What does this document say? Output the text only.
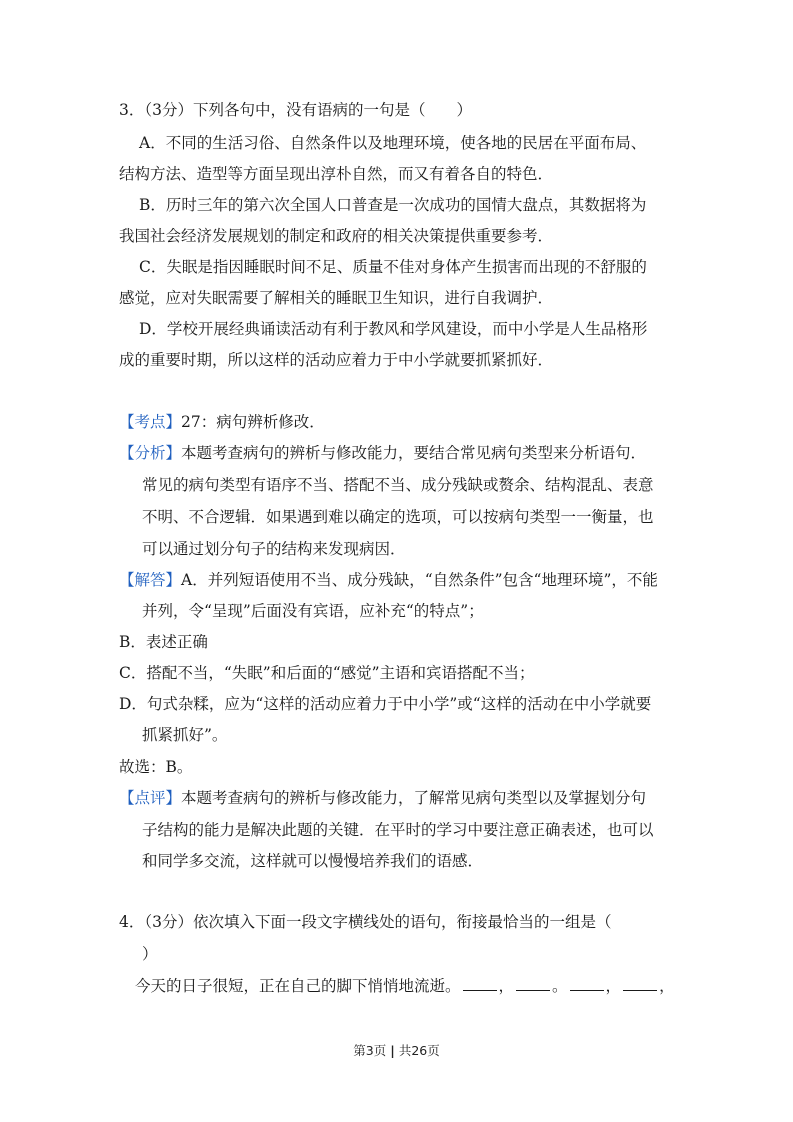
3．（3分）下列各句中，没有语病的一句是（　　）
A．不同的生活习俗、自然条件以及地理环境，使各地的民居在平面布局、
结构方法、造型等方面呈现出淳朴自然，而又有着各自的特色．
B．历时三年的第六次全国人口普查是一次成功的国情大盘点，其数据将为
我国社会经济发展规划的制定和政府的相关决策提供重要参考．
C．失眠是指因睡眠时间不足、质量不佳对身体产生损害而出现的不舒服的
感觉，应对失眠需要了解相关的睡眠卫生知识，进行自我调护．
D．学校开展经典诵读活动有利于教风和学风建设，而中小学是人生品格形
成的重要时期，所以这样的活动应着力于中小学就要抓紧抓好．
【考点】27：病句辨析修改．
【分析】本题考查病句的辨析与修改能力，要结合常见病句类型来分析语句．
常见的病句类型有语序不当、搭配不当、成分残缺或赘余、结构混乱、表意
不明、不合逻辑．如果遇到难以确定的选项，可以按病句类型一一衡量，也
可以通过划分句子的结构来发现病因．
【解答】A．并列短语使用不当、成分残缺，“自然条件”包含“地理环境”，不能
并列，令“呈现”后面没有宾语，应补充“的特点”；
B．表述正确
C．搭配不当，“失眠”和后面的“感觉”主语和宾语搭配不当；
D．句式杂糅，应为“这样的活动应着力于中小学”或“这样的活动在中小学就要
抓紧抓好”。
故选：B。
【点评】本题考查病句的辨析与修改能力，了解常见病句类型以及掌握划分句
子结构的能力是解决此题的关键．在平时的学习中要注意正确表述，也可以
和同学多交流，这样就可以慢慢培养我们的语感．
4．（3分）依次填入下面一段文字横线处的语句，衔接最恰当的一组是（
）
今天的日子很短，正在自己的脚下悄悄地流逝。 ， 。 ， ，
第3页 | 共26页
